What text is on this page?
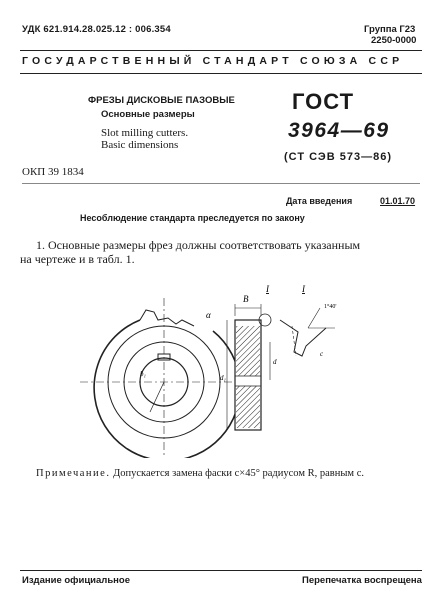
УДК 621.914.28.025.12 : 006.354	Группа Г23
2250-0000
ГОСУДАРСТВЕННЫЙ СТАНДАРТ СОЮЗА ССР
ФРЕЗЫ ДИСКОВЫЕ ПАЗОВЫЕ
Основные размеры
Slot milling cutters.
Basic dimensions
ОКП 39 1834
ГОСТ
3964—69
(СТ СЭВ 573—86)
Дата введения	01.01.70
Несоблюдение стандарта преследуется по закону
1. Основные размеры фрез должны соответствовать указанным
на чертеже и в табл. 1.
α
b₁
B
d₁
d
I	I
1°40'
c
Примечание. Допускается замена фаски c×45° радиусом R, равным c.
Издание официальное	Перепечатка воспрещена
